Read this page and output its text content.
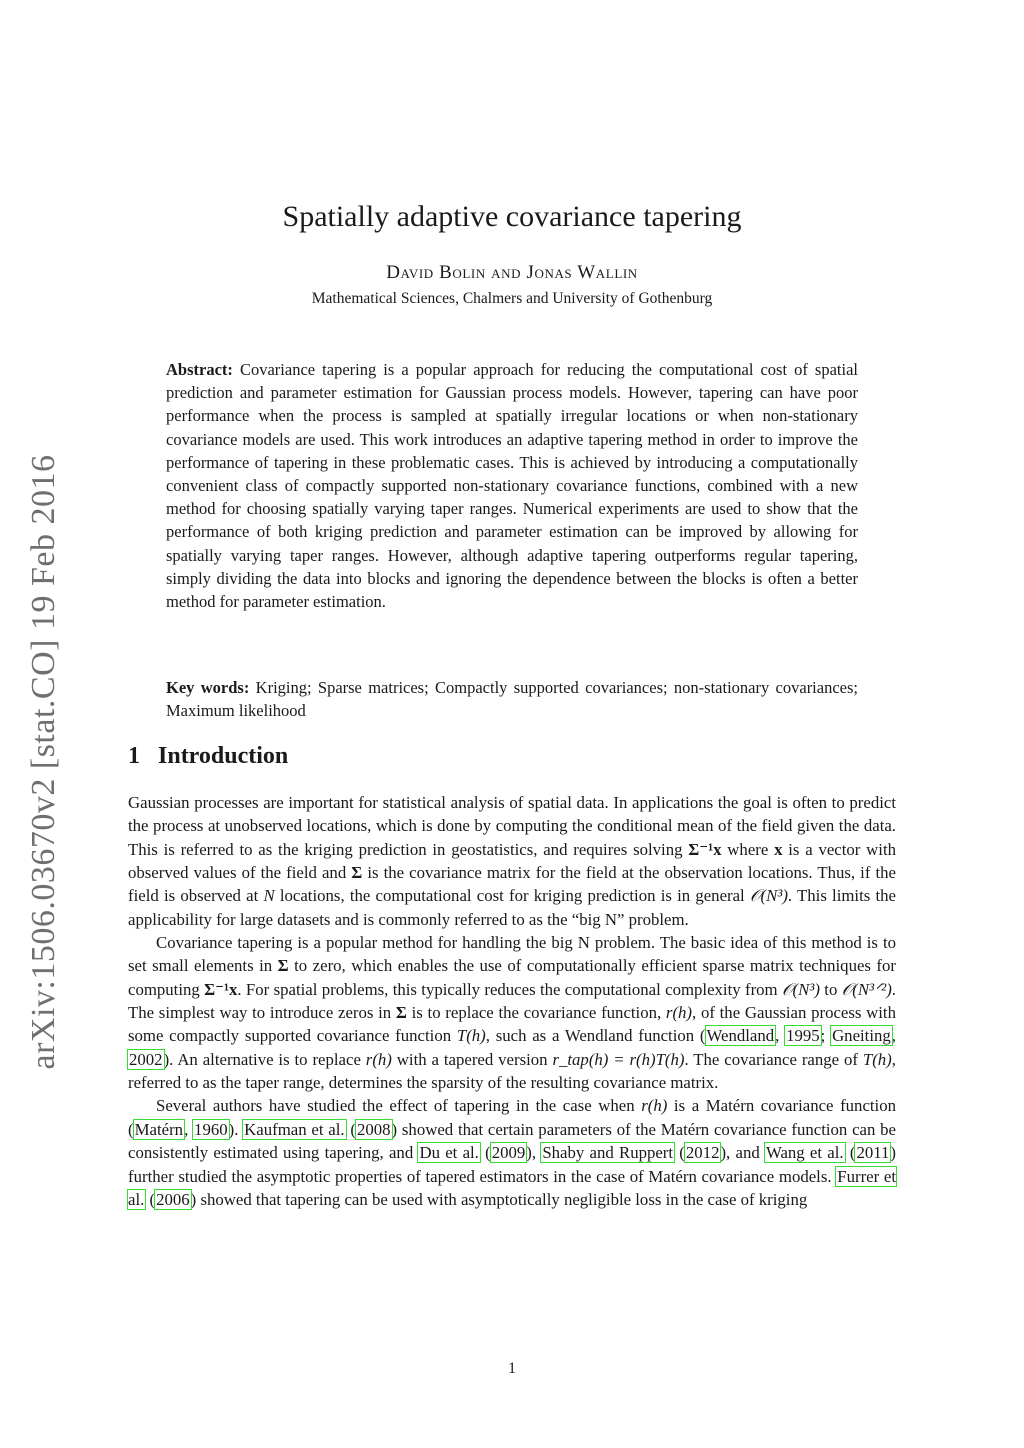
arXiv:1506.03670v2 [stat.CO] 19 Feb 2016
Spatially adaptive covariance tapering
David Bolin and Jonas Wallin
Mathematical Sciences, Chalmers and University of Gothenburg

Abstract: Covariance tapering is a popular approach for reducing the computational cost of spatial prediction and parameter estimation for Gaussian process models. However, tapering can have poor performance when the process is sampled at spatially irregular locations or when non-stationary covariance models are used. This work introduces an adaptive tapering method in order to improve the performance of tapering in these problematic cases. This is achieved by introducing a computationally convenient class of compactly supported non-stationary covariance functions, combined with a new method for choosing spatially varying taper ranges. Numerical experiments are used to show that the performance of both kriging prediction and parameter estimation can be improved by allowing for spatially varying taper ranges. However, although adaptive tapering outperforms regular tapering, simply dividing the data into blocks and ignoring the dependence between the blocks is often a better method for parameter estimation.

Key words: Kriging; Sparse matrices; Compactly supported covariances; non-stationary covariances; Maximum likelihood

1 Introduction

Gaussian processes are important for statistical analysis of spatial data. In applications the goal is often to predict the process at unobserved locations, which is done by computing the conditional mean of the field given the data. This is referred to as the kriging prediction in geostatistics, and requires solving Σ⁻¹x where x is a vector with observed values of the field and Σ is the covariance matrix for the field at the observation locations. Thus, if the field is observed at N locations, the computational cost for kriging prediction is in general 𝒪(N³). This limits the applicability for large datasets and is commonly referred to as the “big N” problem.

Covariance tapering is a popular method for handling the big N problem. The basic idea of this method is to set small elements in Σ to zero, which enables the use of computationally efficient sparse matrix techniques for computing Σ⁻¹x. For spatial problems, this typically reduces the computational complexity from 𝒪(N³) to 𝒪(N³ᐟ²). The simplest way to introduce zeros in Σ is to replace the covariance function, r(h), of the Gaussian process with some compactly supported covariance function T(h), such as a Wendland function (Wendland, 1995; Gneiting, 2002). An alternative is to replace r(h) with a tapered version r_tap(h) = r(h)T(h). The covariance range of T(h), referred to as the taper range, determines the sparsity of the resulting covariance matrix.

Several authors have studied the effect of tapering in the case when r(h) is a Matérn covariance function (Matérn, 1960). Kaufman et al. (2008) showed that certain parameters of the Matérn covariance function can be consistently estimated using tapering, and Du et al. (2009), Shaby and Ruppert (2012), and Wang et al. (2011) further studied the asymptotic properties of tapered estimators in the case of Matérn covariance models. Furrer et al. (2006) showed that tapering can be used with asymptotically negligible loss in the case of kriging

1
